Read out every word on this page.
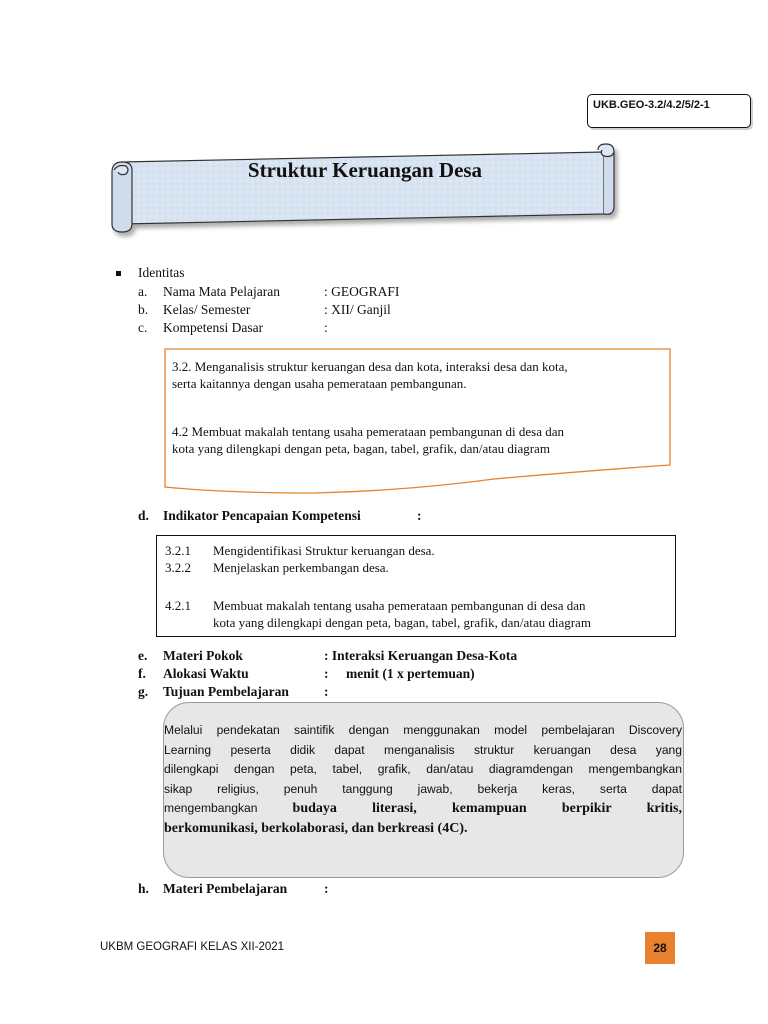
UKB.GEO-3.2/4.2/5/2-1
Struktur Keruangan Desa
Identitas
a. Nama Mata Pelajaran	: GEOGRAFI
b. Kelas/ Semester	: XII/ Ganjil
c. Kompetensi Dasar	:
3.2. Menganalisis struktur keruangan desa dan kota, interaksi desa dan kota,
serta kaitannya dengan usaha pemerataan pembangunan.
4.2 Membuat makalah tentang usaha pemerataan pembangunan di desa dan
kota yang dilengkapi dengan peta, bagan, tabel, grafik, dan/atau diagram
d. Indikator Pencapaian Kompetensi	:
3.2.1 Mengidentifikasi Struktur keruangan desa.
3.2.2 Menjelaskan perkembangan desa.
4.2.1 Membuat makalah tentang usaha pemerataan pembangunan di desa dan
kota yang dilengkapi dengan peta, bagan, tabel, grafik, dan/atau diagram
e. Materi Pokok	: Interaksi Keruangan Desa-Kota
f. Alokasi Waktu	: menit (1 x pertemuan)
g. Tujuan Pembelajaran	:
Melalui pendekatan saintifik dengan menggunakan model pembelajaran Discovery
Learning peserta didik dapat menganalisis struktur keruangan desa yang
dilengkapi dengan peta, tabel, grafik, dan/atau diagramdengan mengembangkan
sikap religius, penuh tanggung jawab, bekerja keras, serta dapat
mengembangkan	budaya literasi, kemampuan berpikir kritis,
berkomunikasi, berkolaborasi, dan berkreasi (4C).
h. Materi Pembelajaran	:
UKBM GEOGRAFI KELAS XII-2021	28
